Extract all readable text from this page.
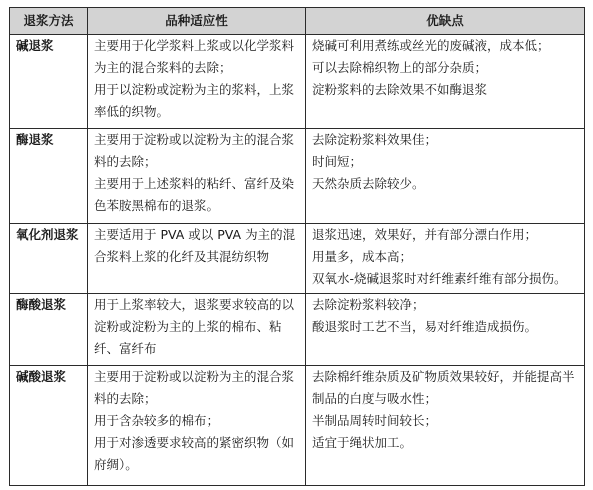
退浆方法	品种适应性	优缺点
碱退浆	主要用于化学浆料上浆或以化学浆料为主的混合浆料的去除；
用于以淀粉或淀粉为主的浆料，上浆率低的织物。	烧碱可利用煮练或丝光的废碱液，成本低；
可以去除棉织物上的部分杂质；
淀粉浆料的去除效果不如酶退浆

酶退浆	主要用于淀粉或以淀粉为主的混合浆料的去除；
主要用于上述浆料的粘纤、富纤及染色苯胺黑棉布的退浆。	去除淀粉浆料效果佳；
时间短；
天然杂质去除较少。

氧化剂退浆	主要适用于 PVA 或以 PVA 为主的混合浆料上浆的化纤及其混纺织物	退浆迅速，效果好，并有部分漂白作用；
用量多，成本高；
双氧水-烧碱退浆时对纤维素纤维有部分损伤。

酶酸退浆	用于上浆率较大，退浆要求较高的以淀粉或淀粉为主的上浆的棉布、粘纤、富纤布	去除淀粉浆料较净；
酸退浆时工艺不当，易对纤维造成损伤。

碱酸退浆	主要用于淀粉或以淀粉为主的混合浆料的去除；
用于含杂较多的棉布；
用于对渗透要求较高的紧密织物（如府绸）。	去除棉纤维杂质及矿物质效果较好，并能提高半制品的白度与吸水性；
半制品周转时间较长；
适宜于绳状加工。
